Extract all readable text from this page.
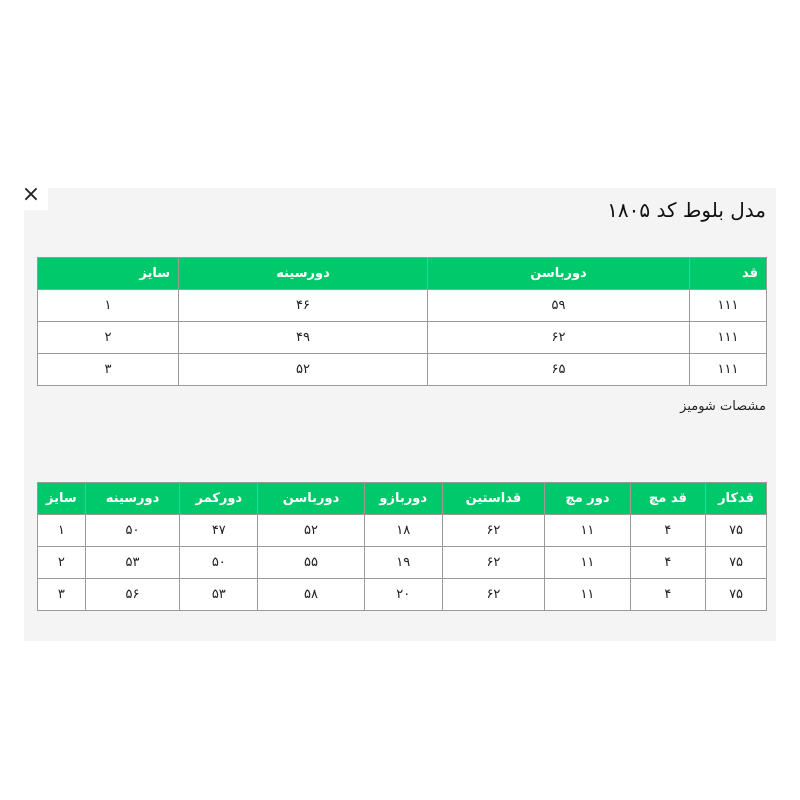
مدل بلوط کد ۱۸۰۵
قد	دورباسن	دورسینه	سایز
۱۱۱	۵۹	۴۶	۱
۱۱۱	۶۲	۴۹	۲
۱۱۱	۶۵	۵۲	۳
مشصات شومیز
قدکار	قد مچ	دور مچ	قداستین	دوربازو	دورباسن	دورکمر	دورسینه	سایز
۷۵	۴	۱۱	۶۲	۱۸	۵۲	۴۷	۵۰	۱
۷۵	۴	۱۱	۶۲	۱۹	۵۵	۵۰	۵۳	۲
۷۵	۴	۱۱	۶۲	۲۰	۵۸	۵۳	۵۶	۳
×
